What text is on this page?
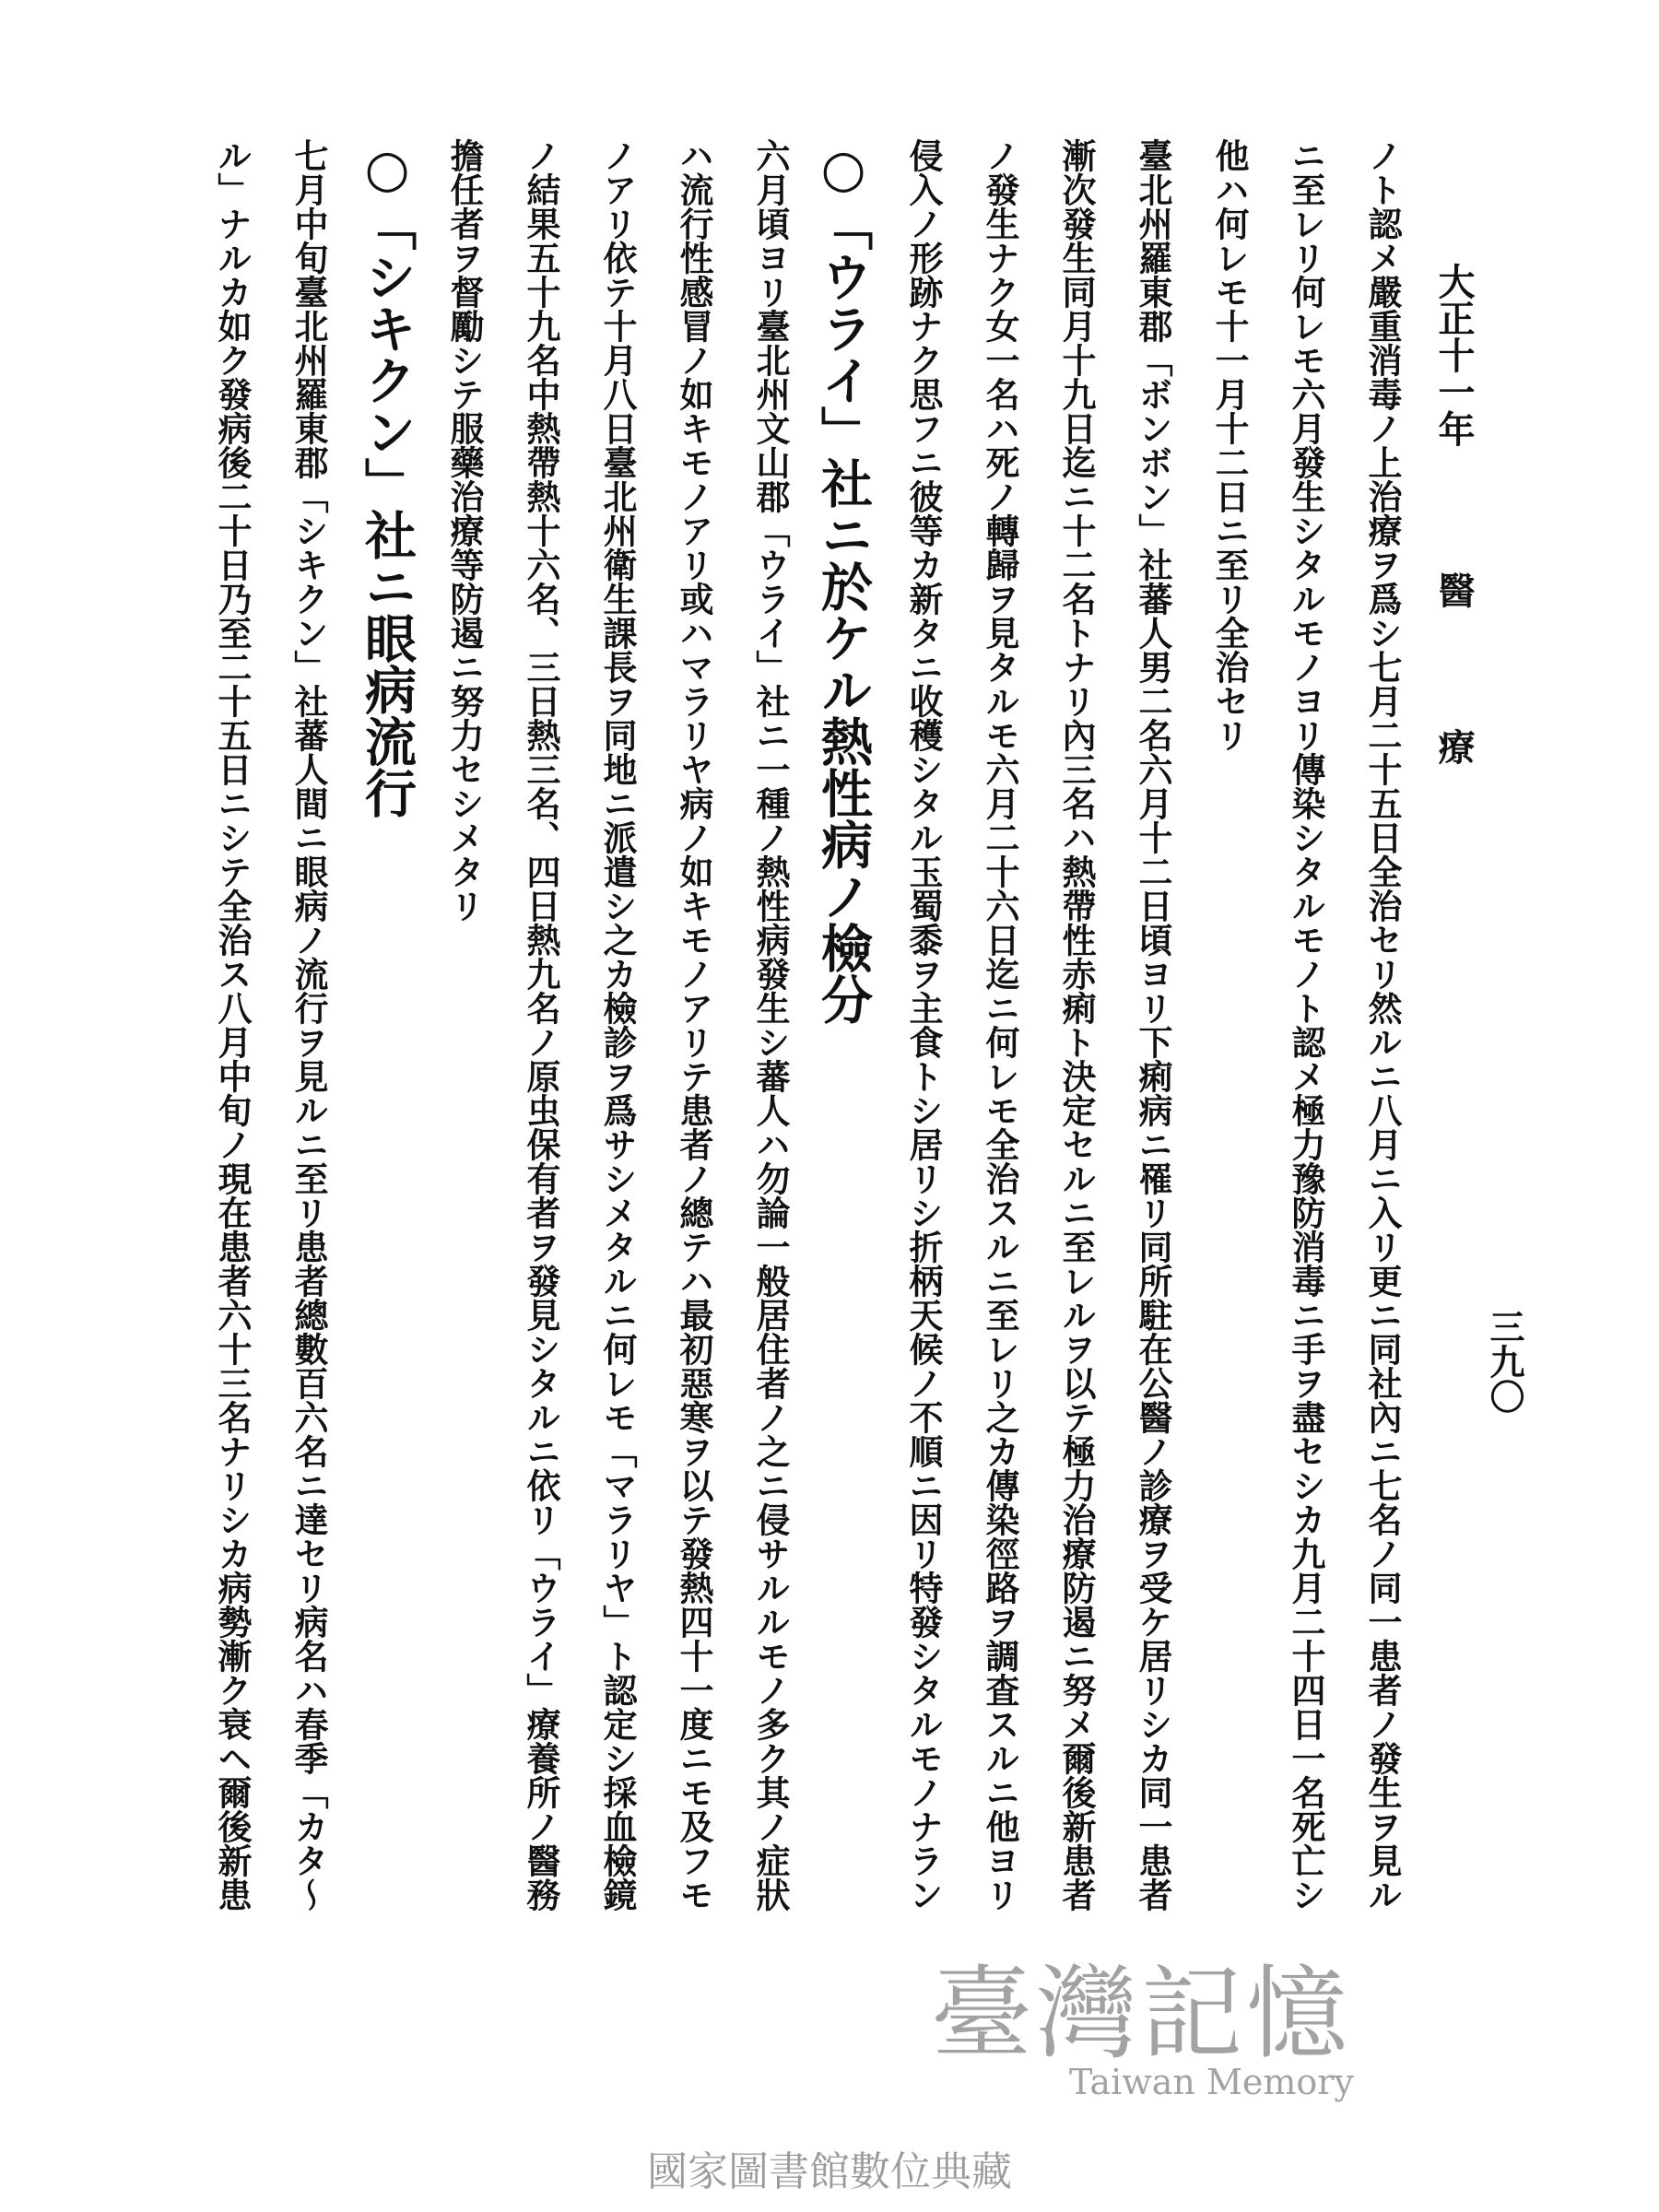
大正十一年
醫
療
三九〇
ノト認メ嚴重消毒ノ上治療ヲ爲シ七月二十五日全治セリ然ルニ八月ニ入リ更ニ同社內ニ七名ノ同一患者ノ發生ヲ見ル
ニ至レリ何レモ六月發生シタルモノヨリ傳染シタルモノト認メ極力豫防消毒ニ手ヲ盡セシカ九月二十四日一名死亡シ
他ハ何レモ十一月十二日ニ至リ全治セリ
臺北州羅東郡「ボンボン」社蕃人男二名六月十二日頃ヨリ下痢病ニ罹リ同所駐在公醫ノ診療ヲ受ケ居リシカ同一患者
漸次發生同月十九日迄ニ十二名トナリ內三名ハ熱帶性赤痢ト決定セルニ至レルヲ以テ極力治療防遏ニ努メ爾後新患者
ノ發生ナク女一名ハ死ノ轉歸ヲ見タルモ六月二十六日迄ニ何レモ全治スルニ至レリ之カ傳染徑路ヲ調査スルニ他ヨリ
侵入ノ形跡ナク思フニ彼等カ新タニ收穫シタル玉蜀黍ヲ主食トシ居リシ折柄天候ノ不順ニ因リ特發シタルモノナラン
○「ウライ」社ニ於ケル熱性病ノ檢分
六月頃ヨリ臺北州文山郡「ウライ」社ニ一種ノ熱性病發生シ蕃人ハ勿論一般居住者ノ之ニ侵サルルモノ多ク其ノ症狀
ハ流行性感冒ノ如キモノアリ或ハマラリヤ病ノ如キモノアリテ患者ノ總テハ最初惡寒ヲ以テ發熱四十一度ニモ及フモ
ノアリ依テ十月八日臺北州衛生課長ヲ同地ニ派遣シ之カ檢診ヲ爲サシメタルニ何レモ「マラリヤ」ト認定シ採血檢鏡
ノ結果五十九名中熱帶熱十六名、三日熱三名、四日熱九名ノ原虫保有者ヲ發見シタルニ依リ「ウライ」療養所ノ醫務
擔任者ヲ督勵シテ服藥治療等防遏ニ努力セシメタリ
○「シキクン」社ニ眼病流行
七月中旬臺北州羅東郡「シキクン」社蕃人間ニ眼病ノ流行ヲ見ルニ至リ患者總數百六名ニ達セリ病名ハ春季「カタ〜
ル」ナルカ如ク發病後二十日乃至二十五日ニシテ全治ス八月中旬ノ現在患者六十三名ナリシカ病勢漸ク衰ヘ爾後新患
臺灣記憶
Taiwan Memory
國家圖書館數位典藏
